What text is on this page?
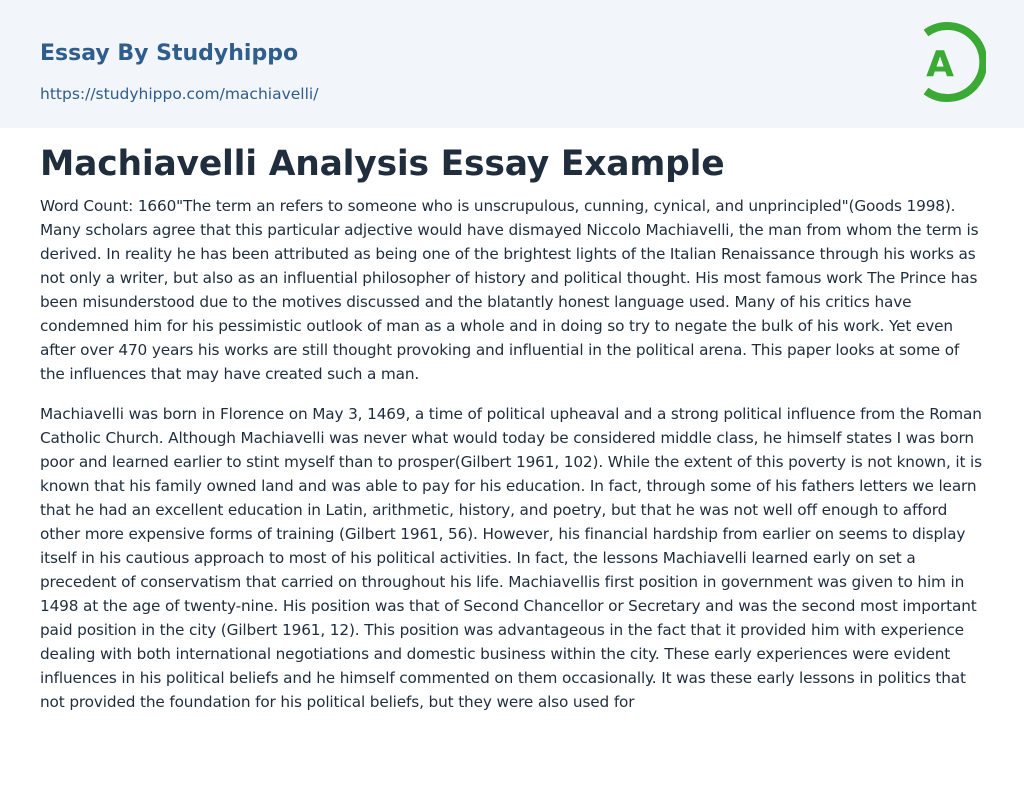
Essay By Studyhippo
https://studyhippo.com/machiavelli/
A
Machiavelli Analysis Essay Example

Word Count: 1660"The term an refers to someone who is unscrupulous, cunning, cynical, and unprincipled"(Goods 1998). Many scholars agree that this particular adjective would have dismayed Niccolo Machiavelli, the man from whom the term is derived. In reality he has been attributed as being one of the brightest lights of the Italian Renaissance through his works as not only a writer, but also as an influential philosopher of history and political thought. His most famous work The Prince has been misunderstood due to the motives discussed and the blatantly honest language used. Many of his critics have condemned him for his pessimistic outlook of man as a whole and in doing so try to negate the bulk of his work. Yet even after over 470 years his works are still thought provoking and influential in the political arena. This paper looks at some of the influences that may have created such a man.

Machiavelli was born in Florence on May 3, 1469, a time of political upheaval and a strong political influence from the Roman Catholic Church. Although Machiavelli was never what would today be considered middle class, he himself states I was born poor and learned earlier to stint myself than to prosper(Gilbert 1961, 102). While the extent of this poverty is not known, it is known that his family owned land and was able to pay for his education. In fact, through some of his fathers letters we learn that he had an excellent education in Latin, arithmetic, history, and poetry, but that he was not well off enough to afford other more expensive forms of training (Gilbert 1961, 56). However, his financial hardship from earlier on seems to display itself in his cautious approach to most of his political activities. In fact, the lessons Machiavelli learned early on set a precedent of conservatism that carried on throughout his life. Machiavellis first position in government was given to him in 1498 at the age of twenty-nine. His position was that of Second Chancellor or Secretary and was the second most important paid position in the city (Gilbert 1961, 12). This position was advantageous in the fact that it provided him with experience dealing with both international negotiations and domestic business within the city. These early experiences were evident influences in his political beliefs and he himself commented on them occasionally. It was these early lessons in politics that not provided the foundation for his political beliefs, but they were also used for
